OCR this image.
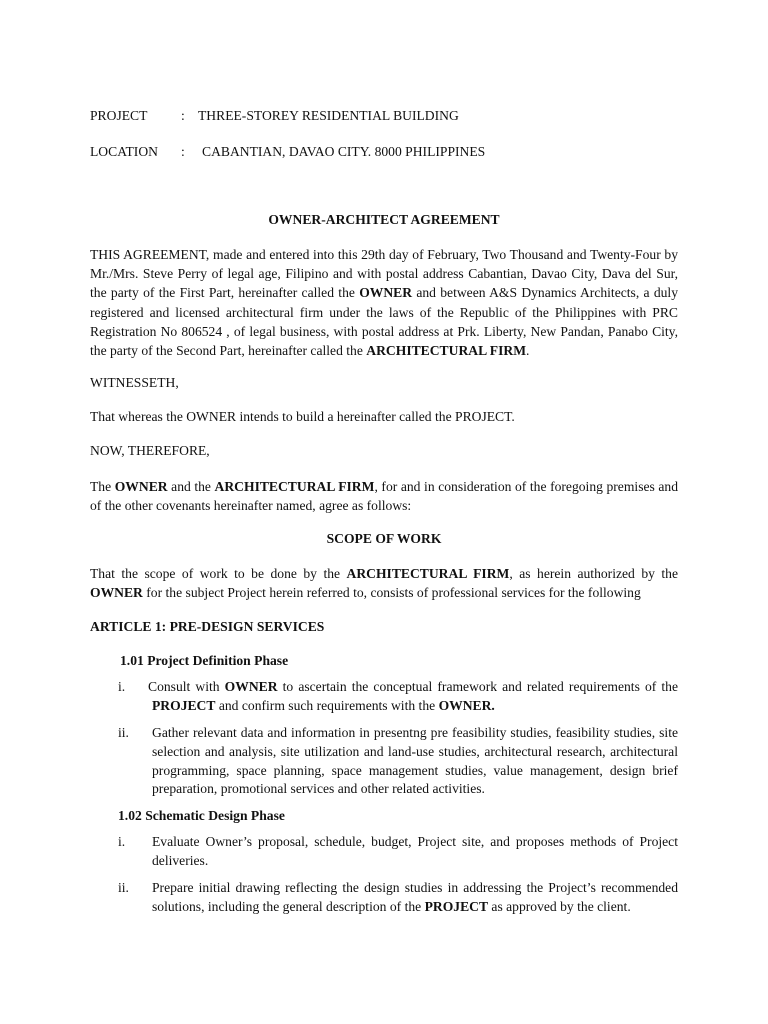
PROJECT : THREE-STOREY RESIDENTIAL BUILDING
LOCATION : CABANTIAN, DAVAO CITY. 8000 PHILIPPINES
OWNER-ARCHITECT AGREEMENT
THIS AGREEMENT, made and entered into this 29th day of February, Two Thousand and Twenty-Four by Mr./Mrs. Steve Perry of legal age, Filipino and with postal address Cabantian, Davao City, Dava del Sur, the party of the First Part, hereinafter called the OWNER and between A&S Dynamics Architects, a duly registered and licensed architectural firm under the laws of the Republic of the Philippines with PRC Registration No 806524 , of legal business, with postal address at Prk. Liberty, New Pandan, Panabo City, the party of the Second Part, hereinafter called the ARCHITECTURAL FIRM.
WITNESSETH,
That whereas the OWNER intends to build a hereinafter called the PROJECT.
NOW, THEREFORE,
The OWNER and the ARCHITECTURAL FIRM, for and in consideration of the foregoing premises and of the other covenants hereinafter named, agree as follows:
SCOPE OF WORK
That the scope of work to be done by the ARCHITECTURAL FIRM, as herein authorized by the OWNER for the subject Project herein referred to, consists of professional services for the following
ARTICLE 1: PRE-DESIGN SERVICES
1.01 Project Definition Phase
i. Consult with OWNER to ascertain the conceptual framework and related requirements of the PROJECT and confirm such requirements with the OWNER.
ii. Gather relevant data and information in presentng pre feasibility studies, feasibility studies, site selection and analysis, site utilization and land-use studies, architectural research, architectural programming, space planning, space management studies, value management, design brief preparation, promotional services and other related activities.
1.02 Schematic Design Phase
i. Evaluate Owner’s proposal, schedule, budget, Project site, and proposes methods of Project deliveries.
ii. Prepare initial drawing reflecting the design studies in addressing the Project’s recommended solutions, including the general description of the PROJECT as approved by the client.
